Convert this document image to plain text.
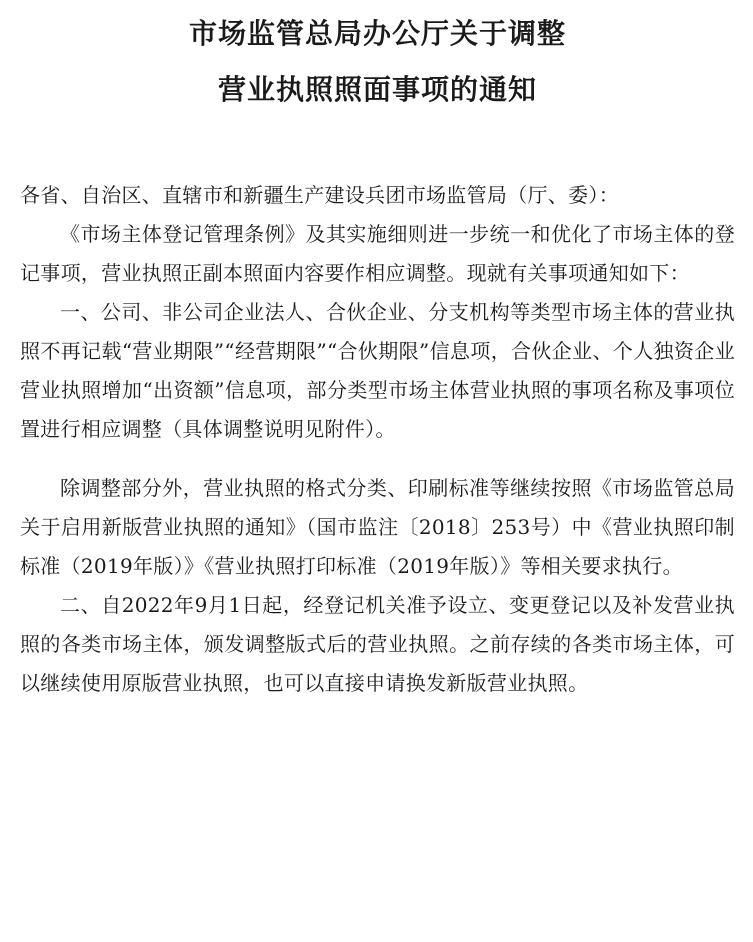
市场监管总局办公厅关于调整
营业执照照面事项的通知

各省、自治区、直辖市和新疆生产建设兵团市场监管局（厅、委）：

《市场主体登记管理条例》及其实施细则进一步统一和优化了市场主体的登记事项，营业执照正副本照面内容要作相应调整。现就有关事项通知如下：

一、公司、非公司企业法人、合伙企业、分支机构等类型市场主体的营业执照不再记载“营业期限”“经营期限”“合伙期限”信息项，合伙企业、个人独资企业营业执照增加“出资额”信息项，部分类型市场主体营业执照的事项名称及事项位置进行相应调整（具体调整说明见附件）。

除调整部分外，营业执照的格式分类、印刷标准等继续按照《市场监管总局关于启用新版营业执照的通知》（国市监注〔2018〕253号）中《营业执照印制标准（2019年版）》《营业执照打印标准（2019年版）》等相关要求执行。

二、自2022年9月1日起，经登记机关准予设立、变更登记以及补发营业执照的各类市场主体，颁发调整版式后的营业执照。之前存续的各类市场主体，可以继续使用原版营业执照，也可以直接申请换发新版营业执照。
